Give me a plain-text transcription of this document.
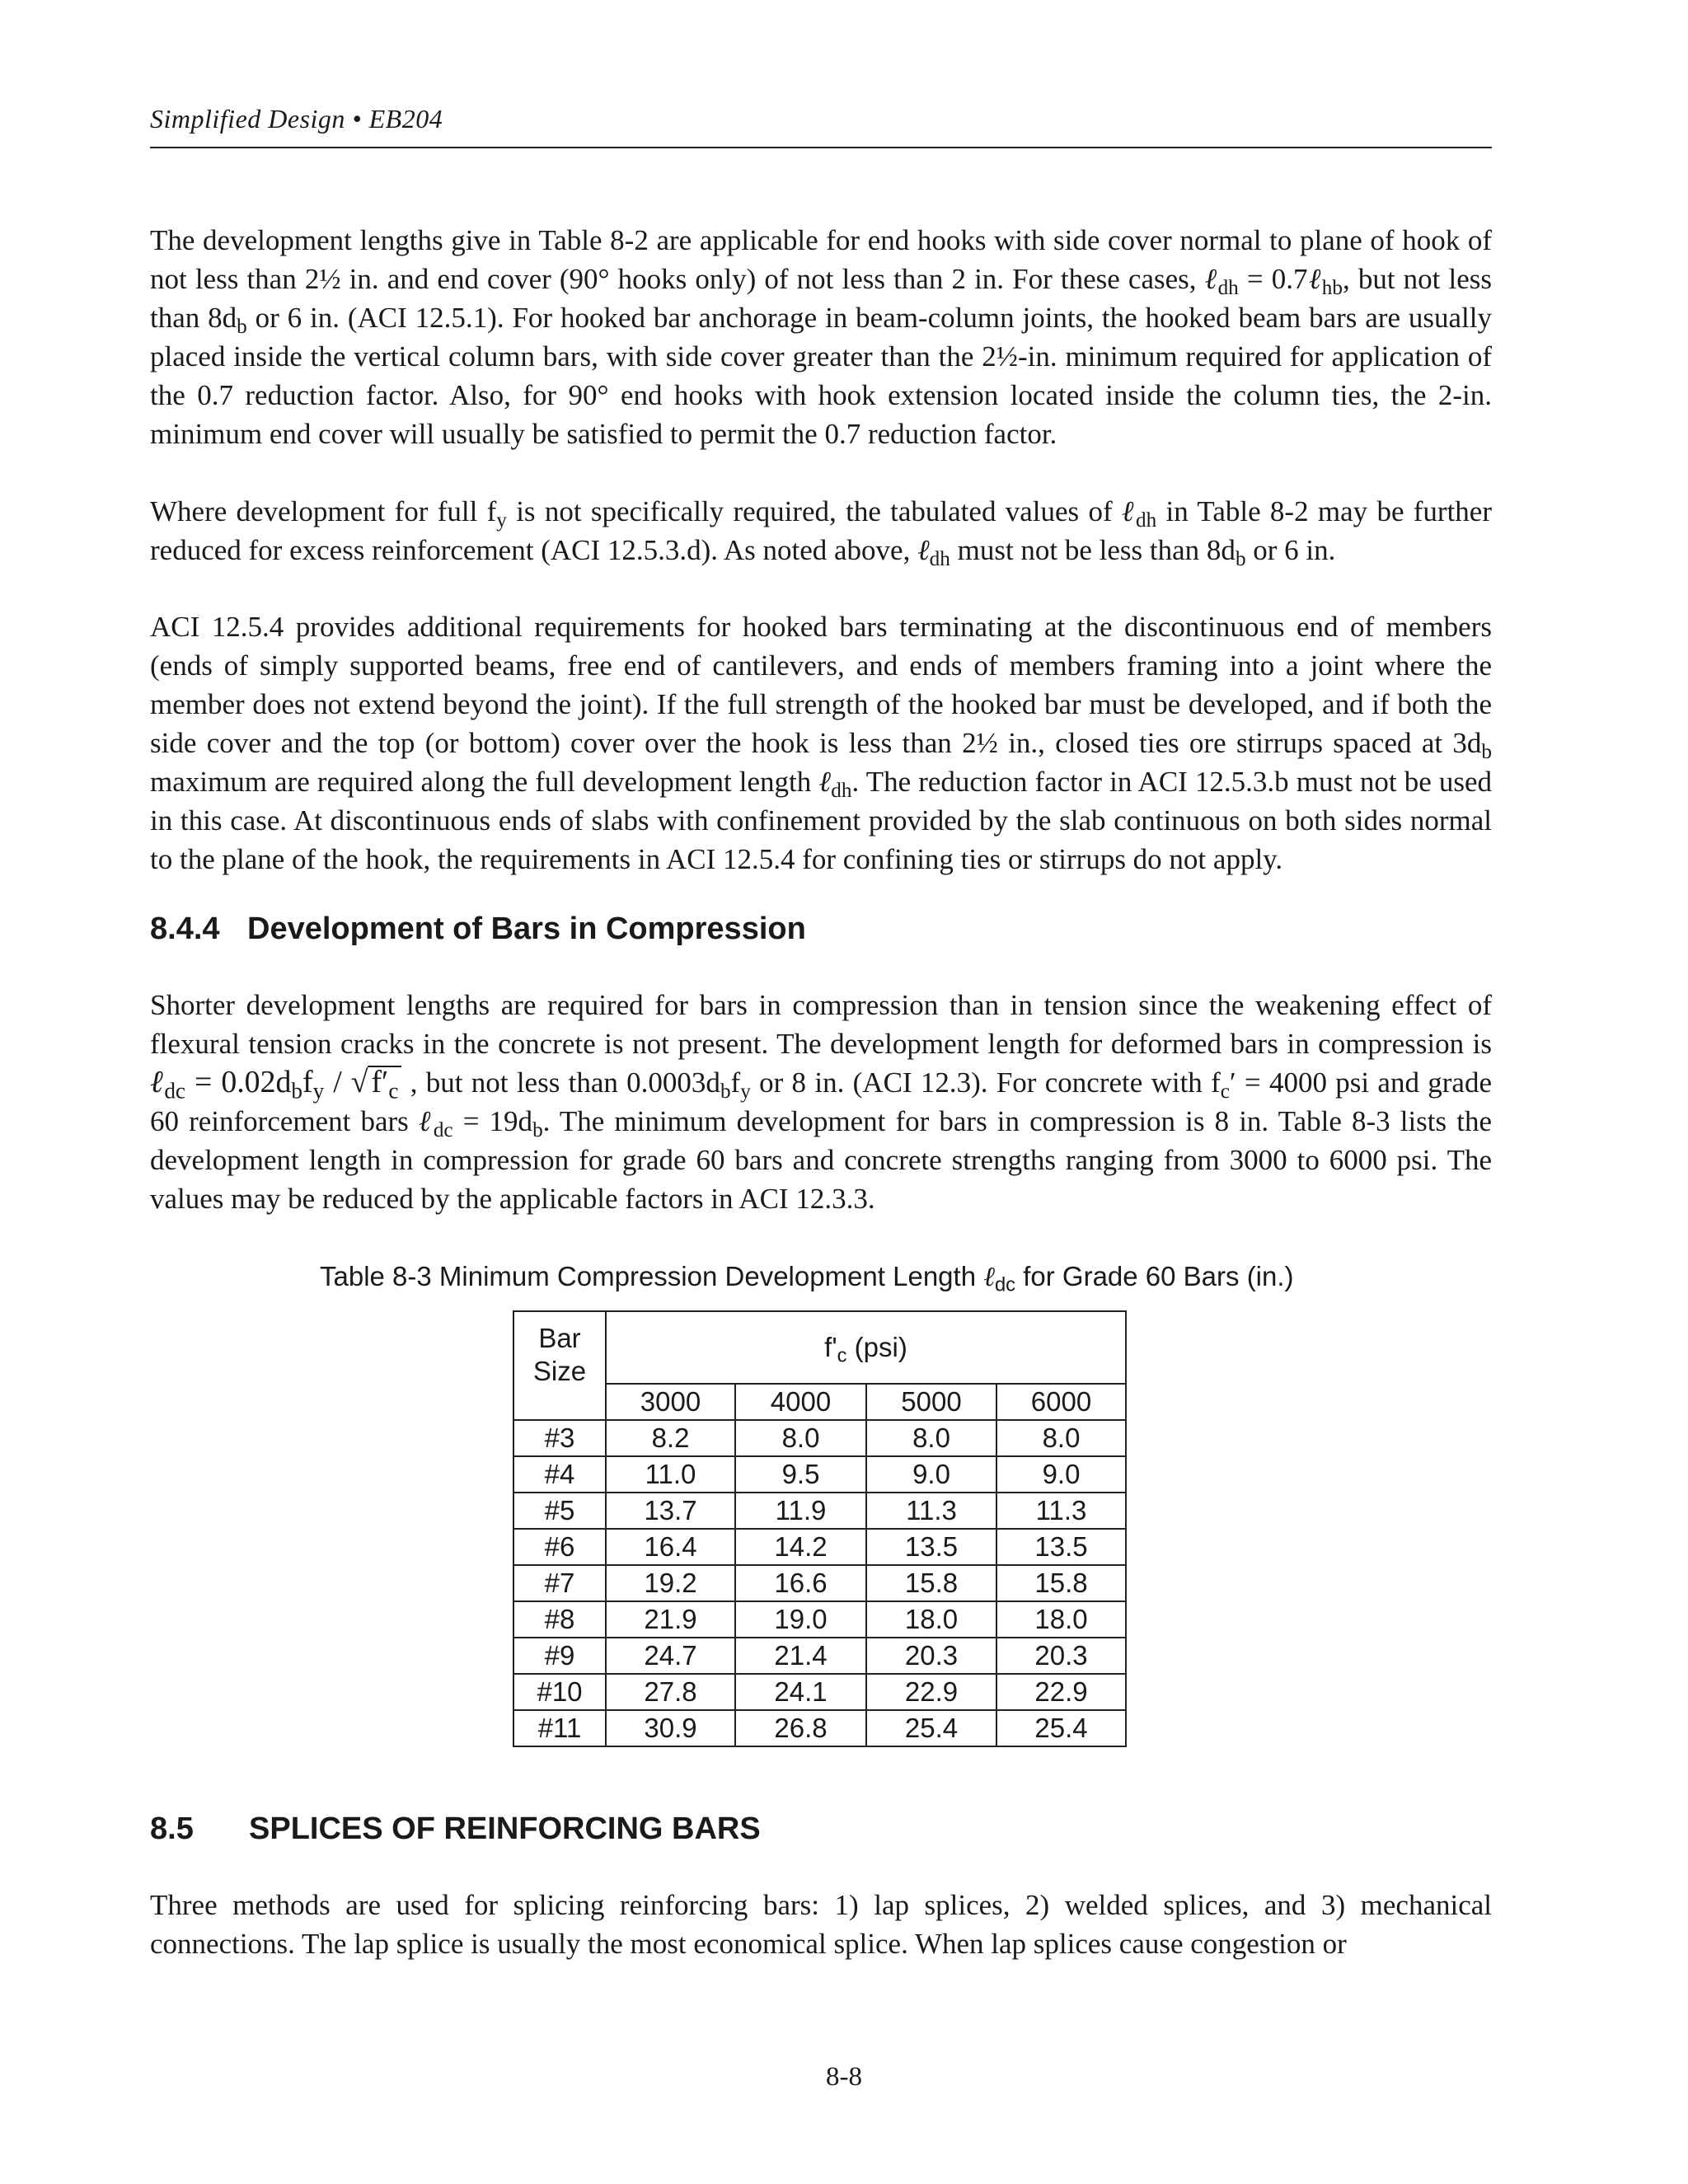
Simplified Design • EB204

The development lengths give in Table 8-2 are applicable for end hooks with side cover normal to plane of hook of not less than 2½ in. and end cover (90° hooks only) of not less than 2 in. For these cases, ℓ$_{dh}$ = 0.7ℓ$_{hb}$, but not less than $8d_b$ or 6 in. (ACI 12.5.1). For hooked bar anchorage in beam-column joints, the hooked beam bars are usually placed inside the vertical column bars, with side cover greater than the 2½-in. minimum required for application of the 0.7 reduction factor. Also, for 90° end hooks with hook extension located inside the column ties, the 2-in. minimum end cover will usually be satisfied to permit the 0.7 reduction factor.

Where development for full $f_y$ is not specifically required, the tabulated values of ℓ$_{dh}$ in Table 8-2 may be further reduced for excess reinforcement (ACI 12.5.3.d). As noted above, ℓ$_{dh}$ must not be less than $8d_b$ or 6 in.

ACI 12.5.4 provides additional requirements for hooked bars terminating at the discontinuous end of members (ends of simply supported beams, free end of cantilevers, and ends of members framing into a joint where the member does not extend beyond the joint). If the full strength of the hooked bar must be developed, and if both the side cover and the top (or bottom) cover over the hook is less than 2½ in., closed ties ore stirrups spaced at $3d_b$ maximum are required along the full development length ℓ$_{dh}$. The reduction factor in ACI 12.5.3.b must not be used in this case. At discontinuous ends of slabs with confinement provided by the slab continuous on both sides normal to the plane of the hook, the requirements in ACI 12.5.4 for confining ties or stirrups do not apply.

8.4.4 Development of Bars in Compression

Shorter development lengths are required for bars in compression than in tension since the weakening effect of flexural tension cracks in the concrete is not present. The development length for deformed bars in compression is ℓ$_{dc}$ = $0.02d_bf_y$ / √ $f'_c$ , but not less than $0.0003d_bf_y$ or 8 in. (ACI 12.3). For concrete with $f_c' = 4000$ psi and grade 60 reinforcement bars ℓ$_{dc}$ = $19d_b$. The minimum development for bars in compression is 8 in. Table 8-3 lists the development length in compression for grade 60 bars and concrete strengths ranging from 3000 to 6000 psi. The values may be reduced by the applicable factors in ACI 12.3.3.

Table 8-3 Minimum Compression Development Length ℓ$_{dc}$ for Grade 60 Bars (in.)
Bar
Size	$f'_c$ (psi)			
	3000	4000	5000	6000
#3	8.2	8.0	8.0	8.0
#4	11.0	9.5	9.0	9.0
#5	13.7	11.9	11.3	11.3
#6	16.4	14.2	13.5	13.5
#7	19.2	16.6	15.8	15.8
#8	21.9	19.0	18.0	18.0
#9	24.7	21.4	20.3	20.3
#10	27.8	24.1	22.9	22.9
#11	30.9	26.8	25.4	25.4
8.5 SPLICES OF REINFORCING BARS

Three methods are used for splicing reinforcing bars: 1) lap splices, 2) welded splices, and 3) mechanical connections. The lap splice is usually the most economical splice. When lap splices cause congestion or

8-8
